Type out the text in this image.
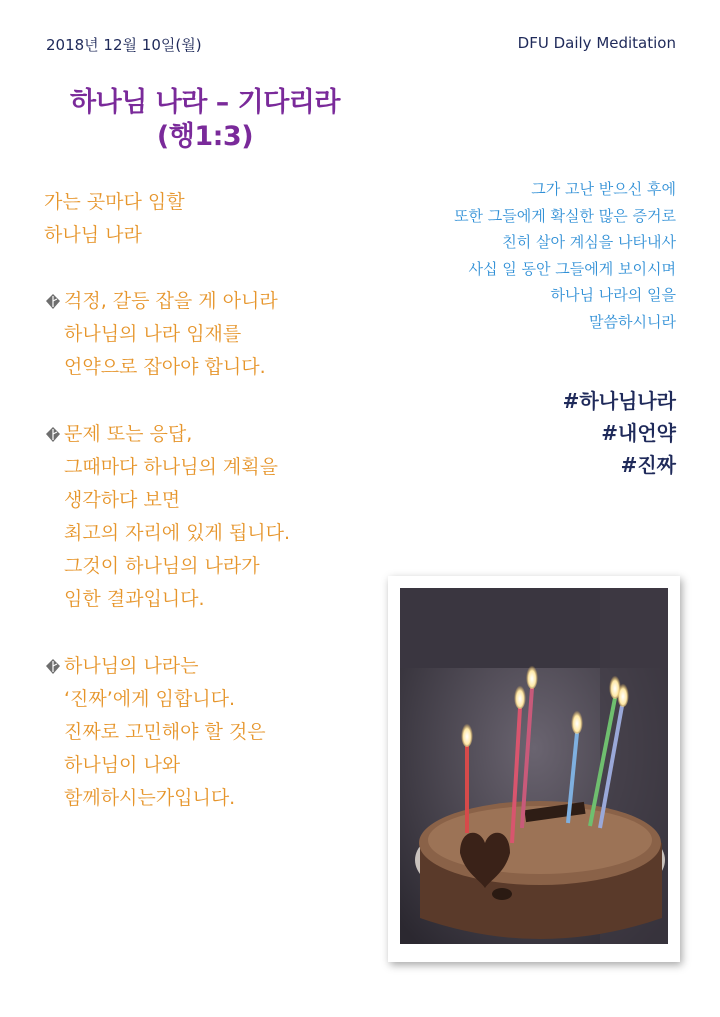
2018년 12월 10일(월)	DFU Daily Meditation
하나님 나라 – 기다리라
(행1:3)
가는 곳마다 임할
하나님 나라
걱정, 갈등 잡을 게 아니라
하나님의 나라 임재를
언약으로 잡아야 합니다.
문제 또는 응답,
그때마다 하나님의 계획을
생각하다 보면
최고의 자리에 있게 됩니다.
그것이 하나님의 나라가
임한 결과입니다.
하나님의 나라는
‘진짜’에게 임합니다.
진짜로 고민해야 할 것은
하나님이 나와
함께하시는가입니다.
그가 고난 받으신 후에
또한 그들에게 확실한 많은 증거로
친히 살아 계심을 나타내사
사십 일 동안 그들에게 보이시며
하나님 나라의 일을
말씀하시니라
#하나님나라
#내언약
#진짜
